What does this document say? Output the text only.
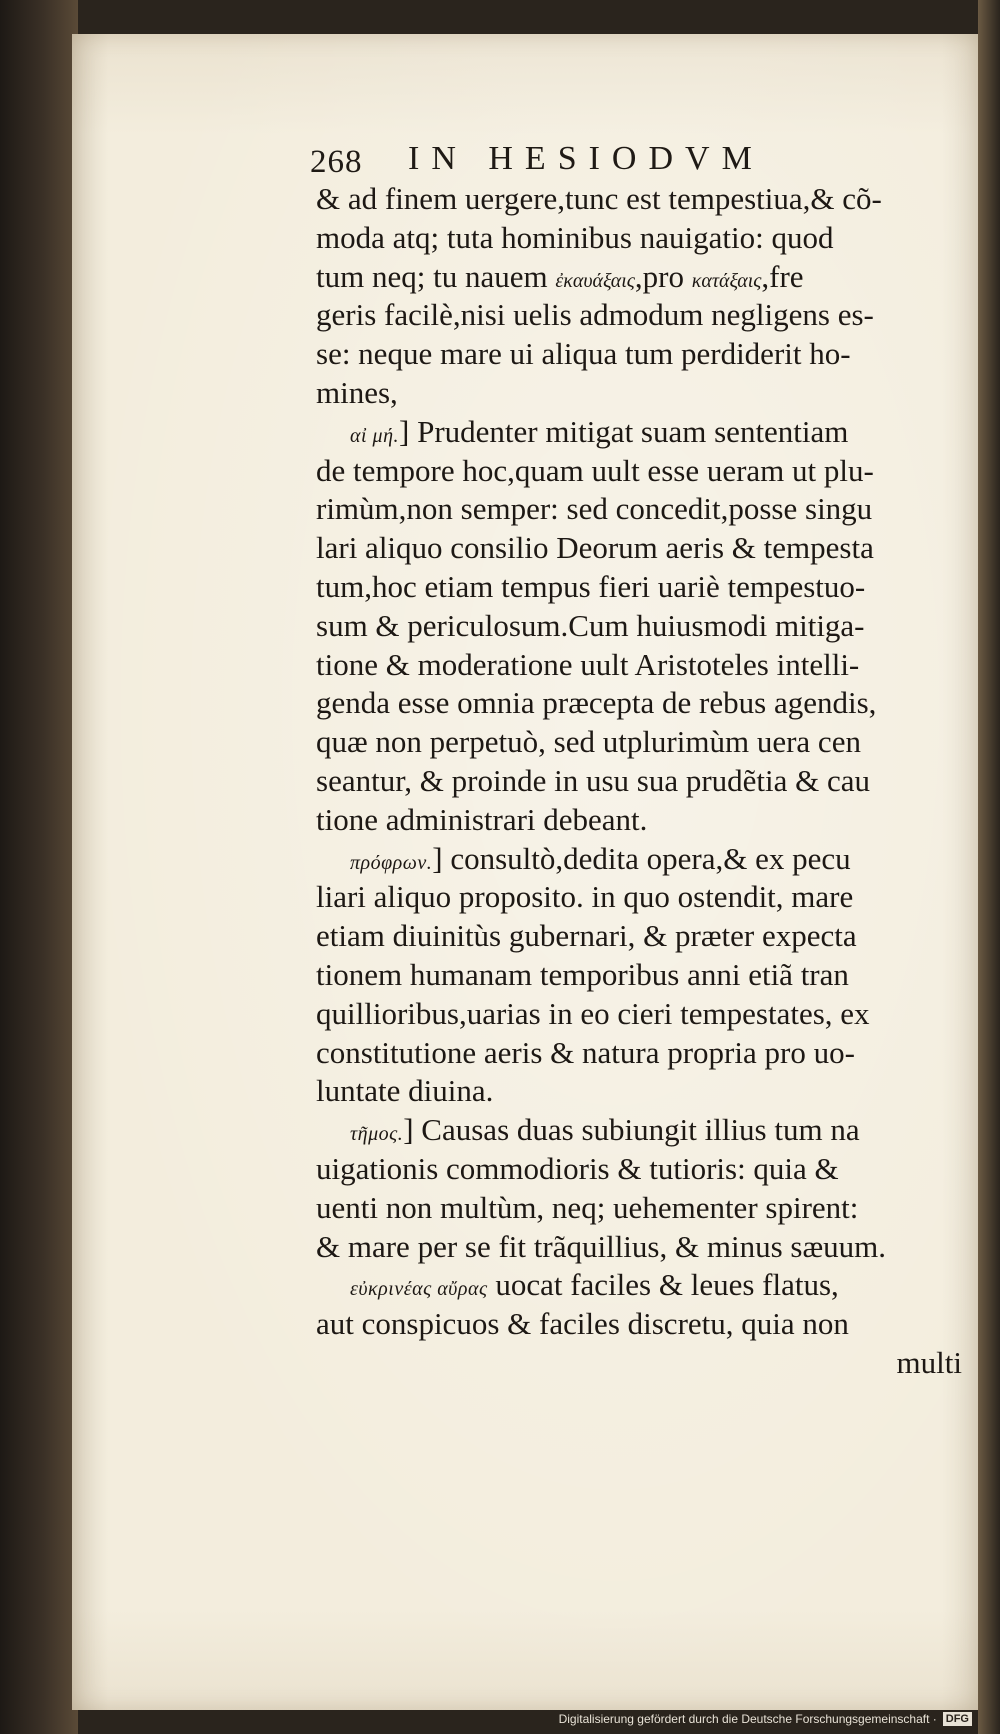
268 IN HESIODVM
& ad finem uergere,tunc est tempestiua,& cõ-
moda atq; tuta hominibus nauigatio: quod
tum neq; tu nauem ἐκαυάξαις,pro κατάξαις,fre
geris facilè,nisi uelis admodum negligens es-
se: neque mare ui aliqua tum perdiderit ho-
mines,
αἰ μή.] Prudenter mitigat suam sententiam
de tempore hoc,quam uult esse ueram ut plu-
rimùm,non semper: sed concedit,posse singu
lari aliquo consilio Deorum aeris & tempesta
tum,hoc etiam tempus fieri uariè tempestuo-
sum & periculosum.Cum huiusmodi mitiga-
tione & moderatione uult Aristoteles intelli-
genda esse omnia præcepta de rebus agendis,
quæ non perpetuò, sed utplurimùm uera cen
seantur, & proinde in usu sua prudẽtia & cau
tione administrari debeant.
πρόφρων.] consultò,dedita opera,& ex pecu
liari aliquo proposito. in quo ostendit, mare
etiam diuinitùs gubernari, & præter expecta
tionem humanam temporibus anni etiã tran
quillioribus,uarias in eo cieri tempestates, ex
constitutione aeris & natura propria pro uo-
luntate diuina.
τῆμος.] Causas duas subiungit illius tum na
uigationis commodioris & tutioris: quia &
uenti non multùm, neq; uehementer spirent:
& mare per se fit trãquillius, & minus sæuum.
εὐκρινέας αὔρας uocat faciles & leues flatus,
aut conspicuos & faciles discretu, quia non
multi
Digitalisierung gefördert durch die Deutsche Forschungsgemeinschaft · DFG
